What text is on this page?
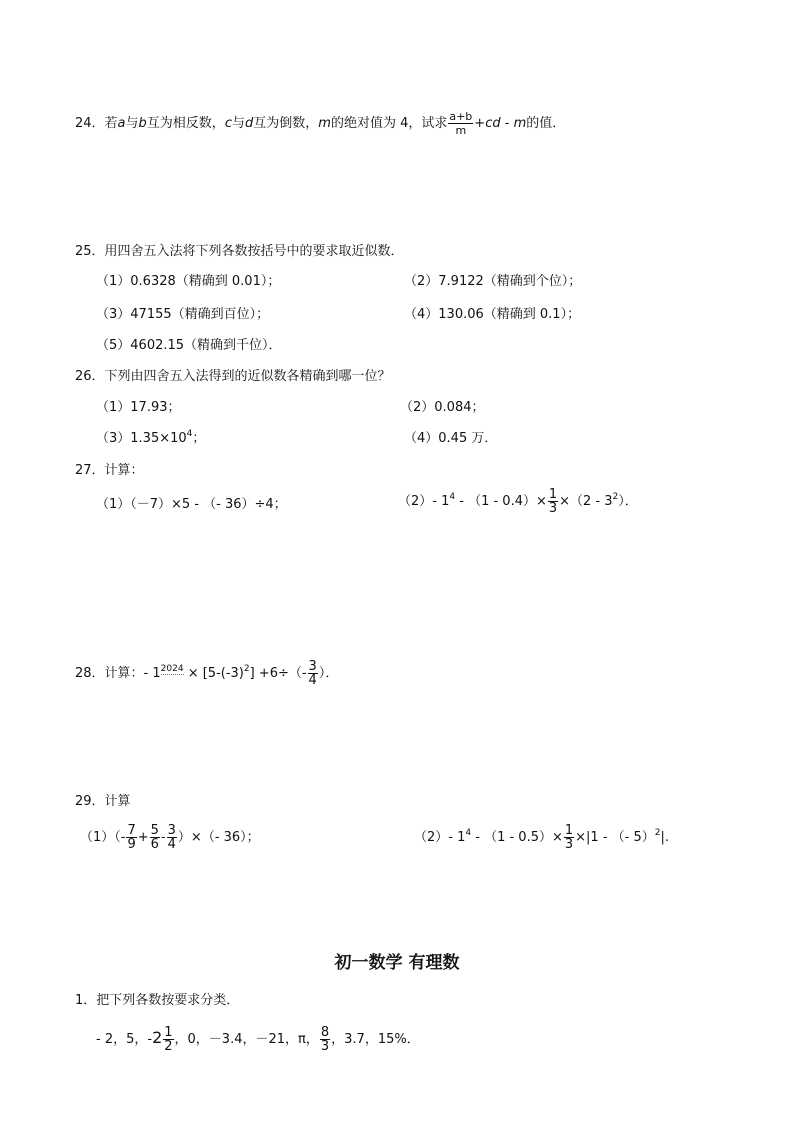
24．若a与b互为相反数，c与d互为倒数，m的绝对值为 4，试求 $\frac{a+b}{m} +cd - m$的值．
25．用四舍五入法将下列各数按括号中的要求取近似数．
（1）0.6328（精确到 0.01）；	（2）7.9122（精确到个位）；
（3）47155（精确到百位）；	（4）130.06（精确到 0.1）；
（5）4602.15（精确到千位）．
26．下列由四舍五入法得到的近似数各精确到哪一位？
（1）17.93；	（2）0.084；
$(3)1.35\times 10^4$；	（4）0.45 万．
27．计算：
（1）（－7）×5 - （- 36）÷4；	（2）- $1^4 - (1 - 0.4)\times \frac{1}{3} \times(2 - 3^2)$．
28．计算：- $1^{2024} \times [5-(-3)^2] +6\div(- \frac{3}{4}$ ）．
29．计算
$(1)(- \frac{7}{9} + \frac{5}{6} - \frac{3}{4}$ ）×（- 36）；	（2）- $1^4 - (1 - 0.5)\times \frac{1}{3} \times|1$ - （- 5）$^2$|.
初一数学 有理数
1．把下列各数按要求分类．
- 2，5，$-2 \frac{1}{2}$ ，0，－3.4，－21，π， $\frac{8}{3}$ ，3.7，15%．
